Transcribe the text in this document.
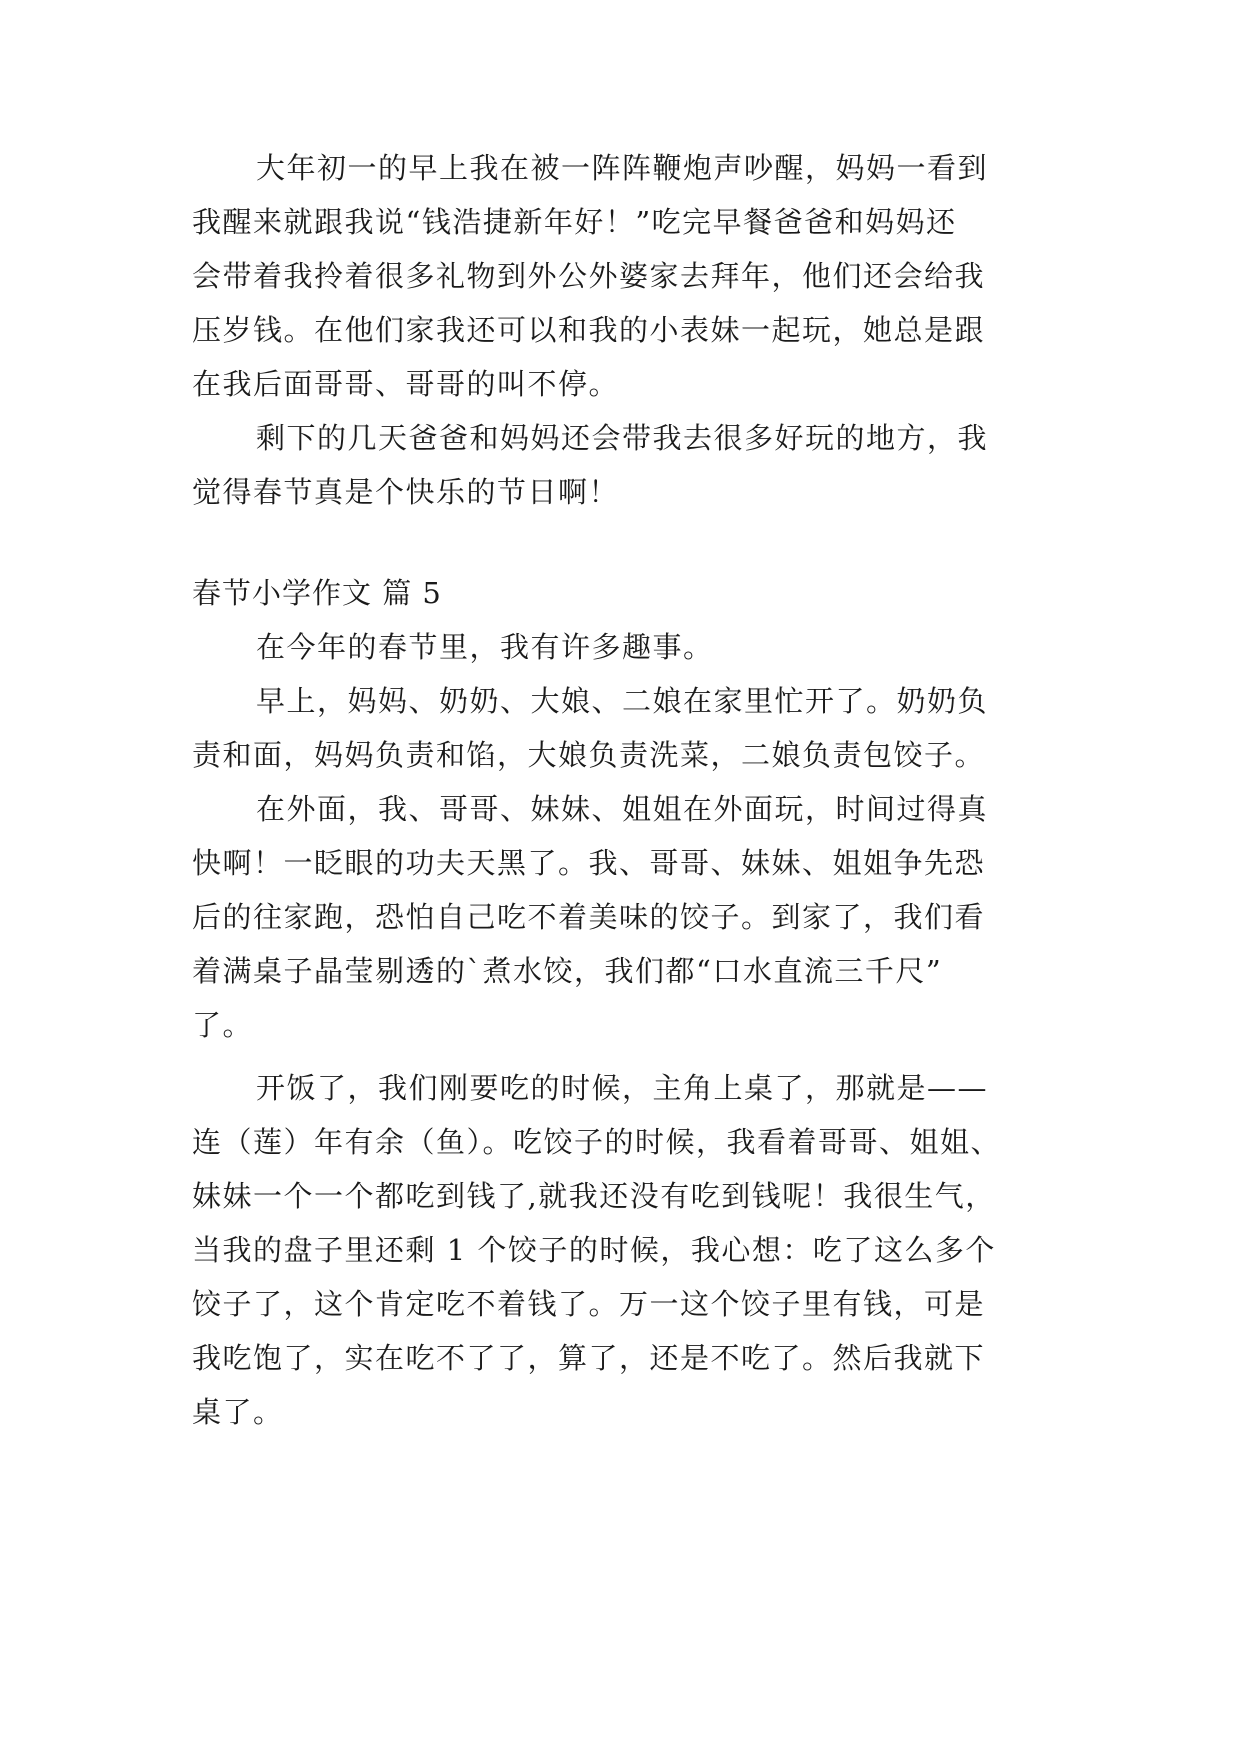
大年初一的早上我在被一阵阵鞭炮声吵醒，妈妈一看到
我醒来就跟我说“钱浩捷新年好！”吃完早餐爸爸和妈妈还
会带着我拎着很多礼物到外公外婆家去拜年，他们还会给我
压岁钱。在他们家我还可以和我的小表妹一起玩，她总是跟
在我后面哥哥、哥哥的叫不停。
剩下的几天爸爸和妈妈还会带我去很多好玩的地方，我
觉得春节真是个快乐的节日啊！
春节小学作文 篇 5
在今年的春节里，我有许多趣事。
早上，妈妈、奶奶、大娘、二娘在家里忙开了。奶奶负
责和面，妈妈负责和馅，大娘负责洗菜，二娘负责包饺子。
在外面，我、哥哥、妹妹、姐姐在外面玩，时间过得真
快啊！一眨眼的功夫天黑了。我、哥哥、妹妹、姐姐争先恐
后的往家跑，恐怕自己吃不着美味的饺子。到家了，我们看
着满桌子晶莹剔透的`煮水饺，我们都“口水直流三千尺”
了。
开饭了，我们刚要吃的时候，主角上桌了，那就是——
连（莲）年有余（鱼）。吃饺子的时候，我看着哥哥、姐姐、
妹妹一个一个都吃到钱了,就我还没有吃到钱呢！我很生气，
当我的盘子里还剩 1 个饺子的时候，我心想：吃了这么多个
饺子了，这个肯定吃不着钱了。万一这个饺子里有钱，可是
我吃饱了，实在吃不了了，算了，还是不吃了。然后我就下
桌了。
